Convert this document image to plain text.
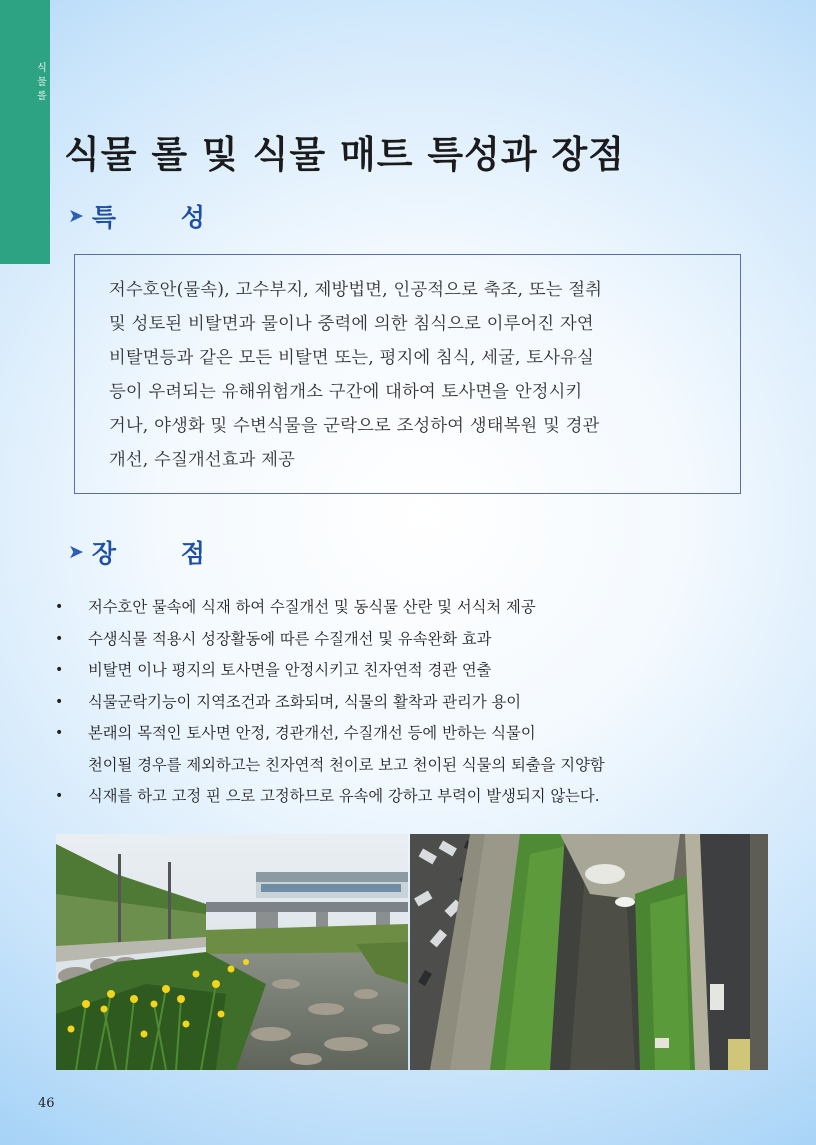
식물롤
식물 롤 및 식물 매트 특성과 장점
➤ 특 성

저수호안(물속), 고수부지, 제방법면, 인공적으로 축조, 또는 절취

및 성토된 비탈면과 물이나 중력에 의한 침식으로 이루어진 자연

비탈면등과 같은 모든 비탈면 또는, 평지에 침식, 세굴, 토사유실

등이 우려되는 유해위험개소 구간에 대하여 토사면을 안정시키

거나, 야생화 및 수변식물을 군락으로 조성하여 생태복원 및 경관

개선, 수질개선효과 제공

➤ 장 점
• 저수호안 물속에 식재 하여 수질개선 및 동식물 산란 및 서식처 제공
• 수생식물 적용시 성장활동에 따른 수질개선 및 유속완화 효과
• 비탈면 이나 평지의 토사면을 안정시키고 친자연적 경관 연출
• 식물군락기능이 지역조건과 조화되며, 식물의 활착과 관리가 용이
• 본래의 목적인 토사면 안정, 경관개선, 수질개선 등에 반하는 식물이
천이될 경우를 제외하고는 친자연적 천이로 보고 천이된 식물의 퇴출을 지양함
• 식재를 하고 고정 핀 으로 고정하므로 유속에 강하고 부력이 발생되지 않는다.
46
